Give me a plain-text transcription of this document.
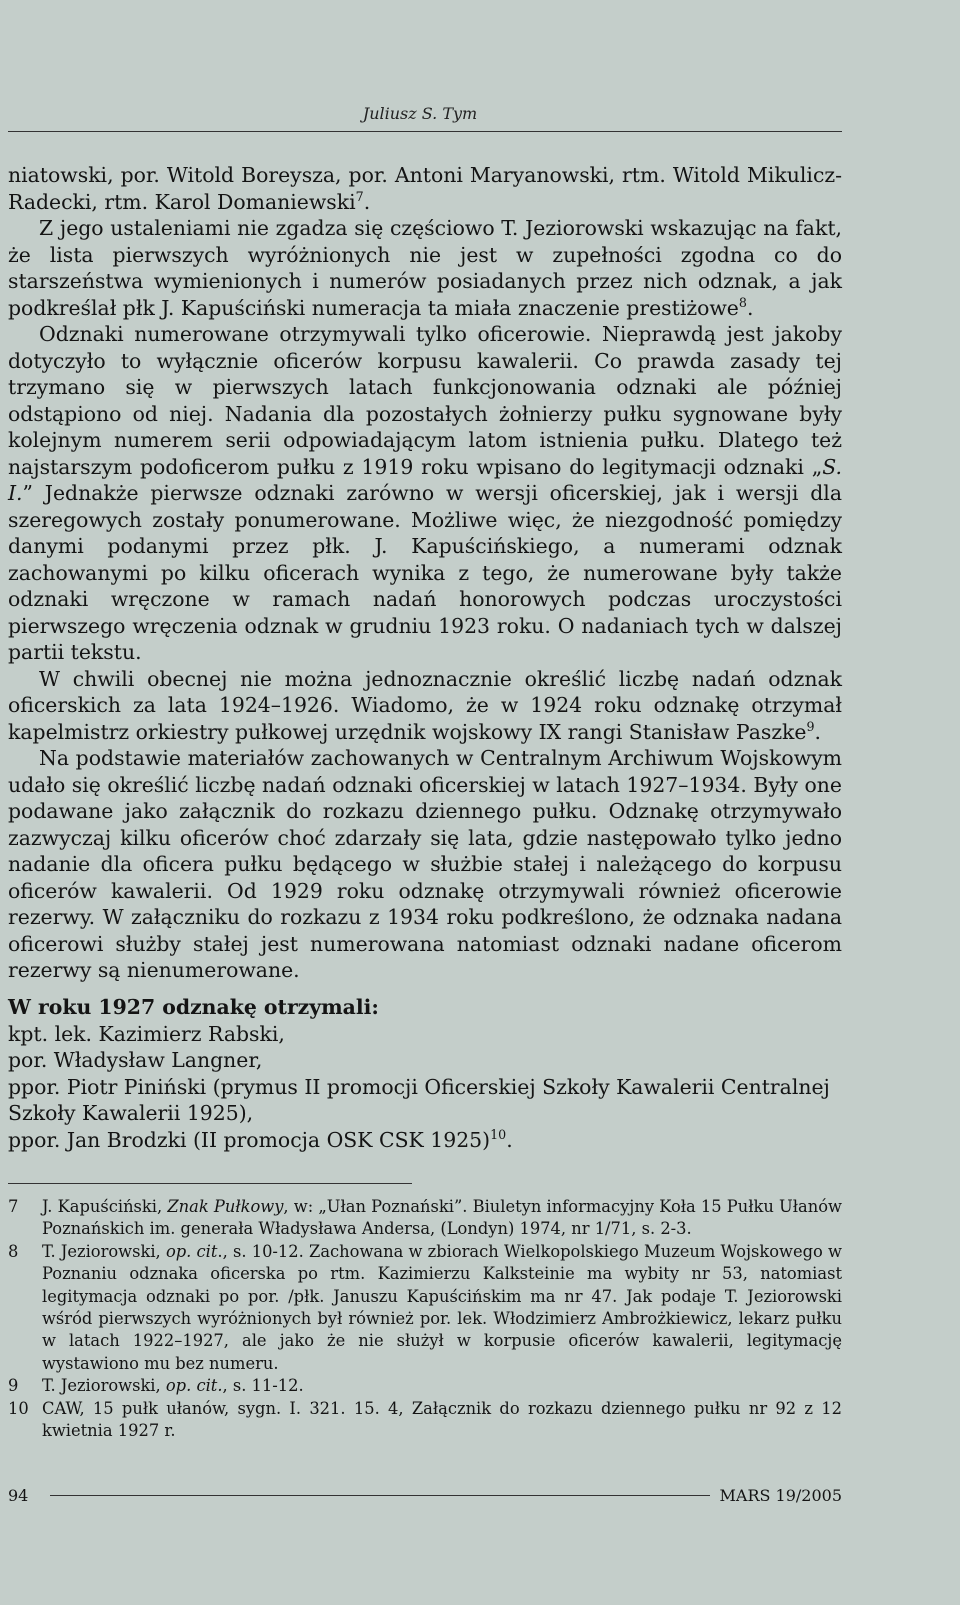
Juliusz S. Tym

niatowski, por. Witold Boreysza, por. Antoni Maryanowski, rtm. Witold Mikulicz-Radecki, rtm. Karol Domaniewski$^7$.

Z jego ustaleniami nie zgadza się częściowo T. Jeziorowski wskazując na fakt, że lista pierwszych wyróżnionych nie jest w zupełności zgodna co do starszeństwa wymienionych i numerów posiadanych przez nich odznak, a jak podkreślał płk J. Kapuściński numeracja ta miała znaczenie prestiżowe$^8$.

Odznaki numerowane otrzymywali tylko oficerowie. Nieprawdą jest jakoby dotyczyło to wyłącznie oficerów korpusu kawalerii. Co prawda zasady tej trzymano się w pierwszych latach funkcjonowania odznaki ale później odstąpiono od niej. Nadania dla pozostałych żołnierzy pułku sygnowane były kolejnym numerem serii odpowiadającym latom istnienia pułku. Dlatego też najstarszym podoficerom pułku z 1919 roku wpisano do legitymacji odznaki „S. I.” Jednakże pierwsze odznaki zarówno w wersji oficerskiej, jak i wersji dla szeregowych zostały ponumerowane. Możliwe więc, że niezgodność pomiędzy danymi podanymi przez płk. J. Kapuścińskiego, a numerami odznak zachowanymi po kilku oficerach wynika z tego, że numerowane były także odznaki wręczone w ramach nadań honorowych podczas uroczystości pierwszego wręczenia odznak w grudniu 1923 roku. O nadaniach tych w dalszej partii tekstu.

W chwili obecnej nie można jednoznacznie określić liczbę nadań odznak oficerskich za lata 1924–1926. Wiadomo, że w 1924 roku odznakę otrzymał kapelmistrz orkiestry pułkowej urzędnik wojskowy IX rangi Stanisław Paszke$^9$.

Na podstawie materiałów zachowanych w Centralnym Archiwum Wojskowym udało się określić liczbę nadań odznaki oficerskiej w latach 1927–1934. Były one podawane jako załącznik do rozkazu dziennego pułku. Odznakę otrzymywało zazwyczaj kilku oficerów choć zdarzały się lata, gdzie następowało tylko jedno nadanie dla oficera pułku będącego w służbie stałej i należącego do korpusu oficerów kawalerii. Od 1929 roku odznakę otrzymywali również oficerowie rezerwy. W załączniku do rozkazu z 1934 roku podkreślono, że odznaka nadana oficerowi służby stałej jest numerowana natomiast odznaki nadane oficerom rezerwy są nienumerowane.

W roku 1927 odznakę otrzymali:
kpt. lek. Kazimierz Rabski,
por. Władysław Langner,
ppor. Piotr Piniński (prymus II promocji Oficerskiej Szkoły Kawalerii Centralnej Szkoły Kawalerii 1925),
ppor. Jan Brodzki (II promocja OSK CSK 1925)$^{10}$.
7	J. Kapuściński, Znak Pułkowy, w: „Ułan Poznański”. Biuletyn informacyjny Koła 15 Pułku Ułanów Poznańskich im. generała Władysława Andersa, (Londyn) 1974, nr 1/71, s. 2-3.
8	T. Jeziorowski, op. cit., s. 10-12. Zachowana w zbiorach Wielkopolskiego Muzeum Wojskowego w Poznaniu odznaka oficerska po rtm. Kazimierzu Kalksteinie ma wybity nr 53, natomiast legitymacja odznaki po por. /płk. Januszu Kapuścińskim ma nr 47. Jak podaje T. Jeziorowski wśród pierwszych wyróżnionych był również por. lek. Włodzimierz Ambrożkiewicz, lekarz pułku w latach 1922–1927, ale jako że nie służył w korpusie oficerów kawalerii, legitymację wystawiono mu bez numeru.
9	T. Jeziorowski, op. cit., s. 11-12.
10 CAW, 15 pułk ułanów, sygn. I. 321. 15. 4, Załącznik do rozkazu dziennego pułku nr 92 z 12 kwietnia 1927 r.
94	MARS 19/2005
